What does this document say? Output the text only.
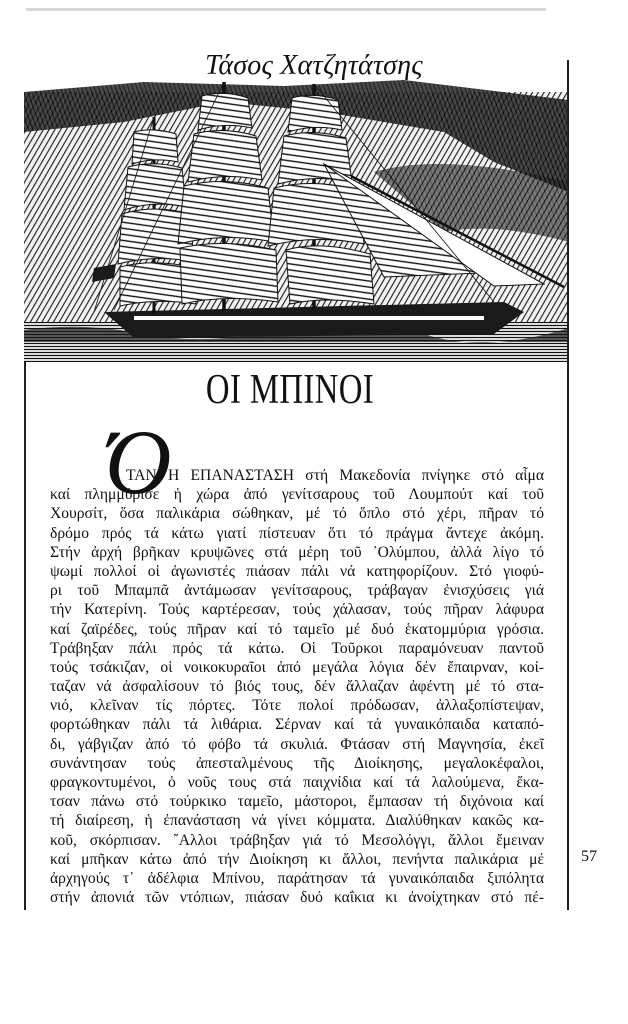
Τάσος Χατζητάτσης
ΟΙ ΜΠΙΝΟΙ
Ό
ΤΑΝ Η ΕΠΑΝΑΣΤΑΣΗ στή Μακεδονία πνίγηκε στό αἷμα
καί πλημμύρισε ἡ χώρα ἀπό γενίτσαρους τοῦ Λουμπούτ καί τοῦ
Χουρσίτ, ὅσα παλικάρια σώθηκαν, μέ τό ὅπλο στό χέρι, πῆραν τό
δρόμο πρός τά κάτω γιατί πίστευαν ὅτι τό πράγμα ἄντεχε ἀκόμη.
Στήν ἀρχή βρῆκαν κρυψῶνες στά μέρη τοῦ ᾿Ολύμπου, ἀλλά λίγο τό
ψωμί πολλοί οἱ ἀγωνιστές πιάσαν πάλι νά κατηφορίζουν. Στό γιοφύ-
ρι τοῦ Μπαμπᾶ ἀντάμωσαν γενίτσαρους, τράβαγαν ἐνισχύσεις γιά
τήν Κατερίνη. Τούς καρτέρεσαν, τούς χάλασαν, τούς πῆραν λάφυρα
καί ζαϊρέδες, τούς πῆραν καί τό ταμεῖο μέ δυό ἑκατομμύρια γρόσια.
Τράβηξαν πάλι πρός τά κάτω. Οἱ Τοῦρκοι παραμόνευαν παντοῦ
τούς τσάκιζαν, οἱ νοικοκυραῖοι ἀπό μεγάλα λόγια δέν ἔπαιρναν, κοί-
ταζαν νά ἀσφαλίσουν τό βιός τους, δέν ἄλλαζαν ἀφέντη μέ τό στα-
νιό, κλεῖναν τίς πόρτες. Τότε πολοί πρόδωσαν, ἀλλαξοπίστεψαν,
φορτώθηκαν πάλι τά λιθάρια. Σέρναν καί τά γυναικόπαιδα καταπό-
δι, γάβγιζαν ἀπό τό φόβο τά σκυλιά. Φτάσαν στή Μαγνησία, ἐκεῖ
συνάντησαν τούς ἀπεσταλμένους τῆς Διοίκησης, μεγαλοκέφαλοι,
φραγκοντυμένοι, ὁ νοῦς τους στά παιχνίδια καί τά λαλούμενα, ἔκα-
τσαν πάνω στό τούρκικο ταμεῖο, μάστοροι, ἔμπασαν τή διχόνοια καί
τή διαίρεση, ἡ ἐπανάσταση νά γίνει κόμματα. Διαλύθηκαν κακῶς κα-
κοῦ, σκόρπισαν. ῎Αλλοι τράβηξαν γιά τό Μεσολόγγι, ἄλλοι ἔμειναν
καί μπῆκαν κάτω ἀπό τήν Διοίκηση κι ἄλλοι, πενήντα παλικάρια μέ
ἀρχηγούς τ᾿ ἀδέλφια Μπίνου, παράτησαν τά γυναικόπαιδα ξιπόλητα
στήν ἀπονιά τῶν ντόπιων, πιάσαν δυό καΐκια κι ἀνοίχτηκαν στό πέ-
57
